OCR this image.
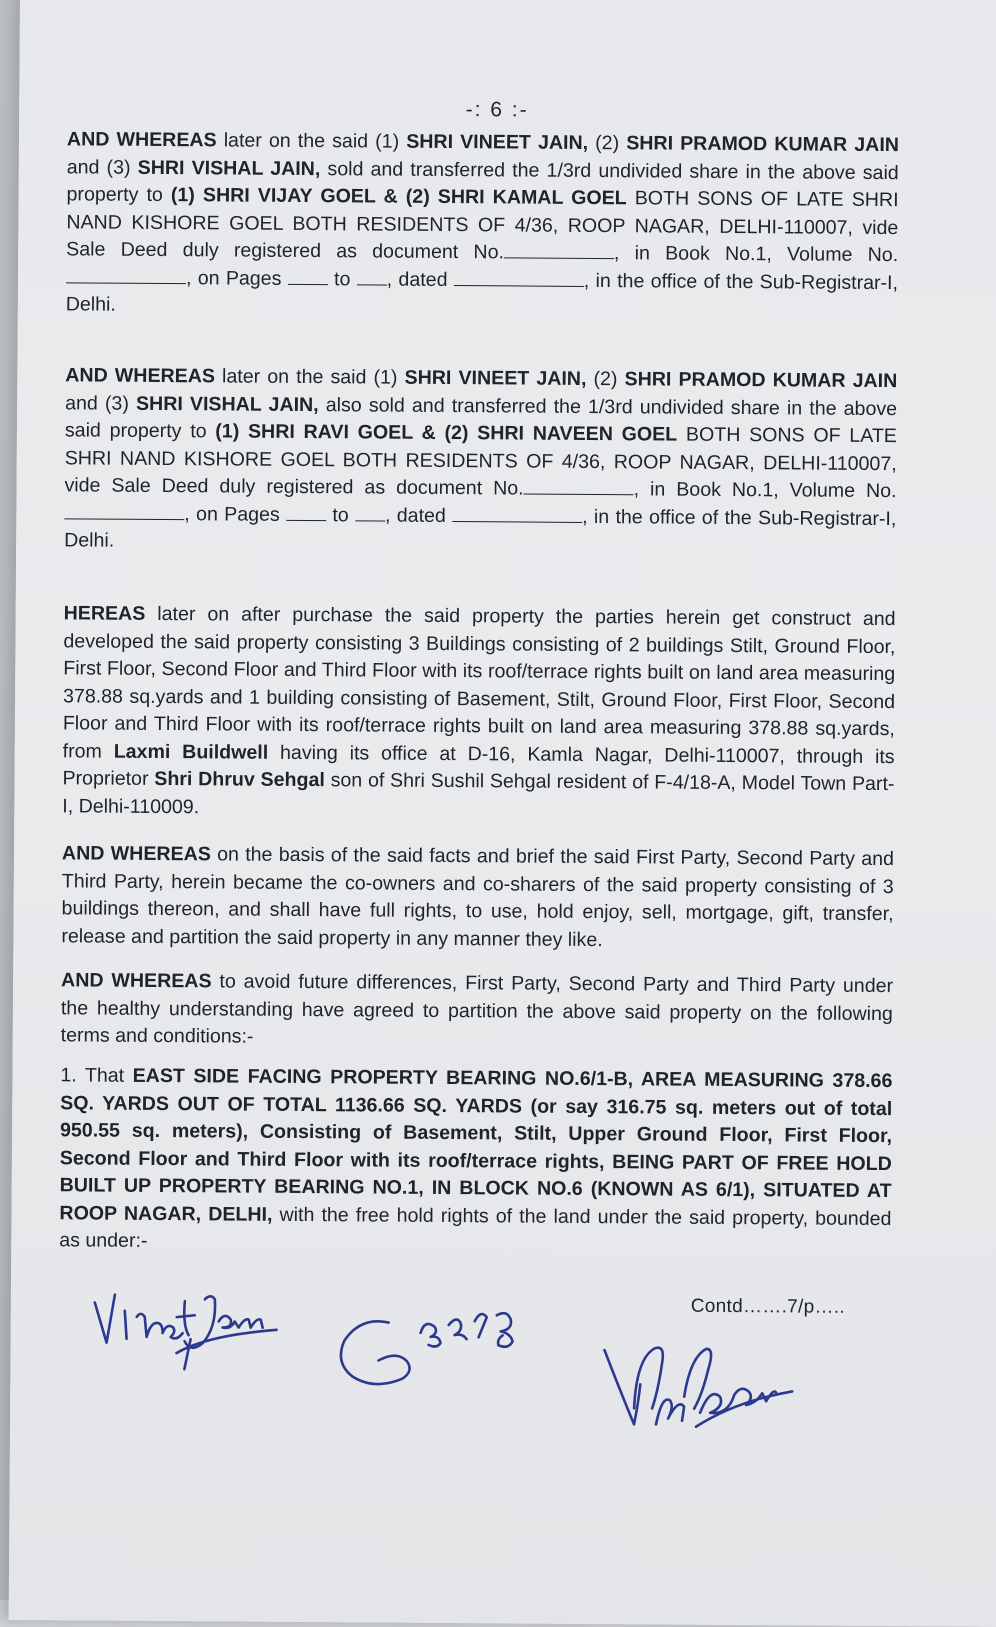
-: 6 :-

AND WHEREAS later on the said (1) SHRI VINEET JAIN, (2) SHRI PRAMOD KUMAR JAIN and (3) SHRI VISHAL JAIN, sold and transferred the 1/3rd undivided share in the above said property to (1) SHRI VIJAY GOEL & (2) SHRI KAMAL GOEL BOTH SONS OF LATE SHRI NAND KISHORE GOEL BOTH RESIDENTS OF 4/36, ROOP NAGAR, DELHI-110007, vide Sale Deed duly registered as document No.	, in Book No.1, Volume No., on Pages  to , dated	, in the office of the Sub-Registrar-I, Delhi.

AND WHEREAS later on the said (1) SHRI VINEET JAIN, (2) SHRI PRAMOD KUMAR JAIN and (3) SHRI VISHAL JAIN, also sold and transferred the 1/3rd undivided share in the above said property to (1) SHRI RAVI GOEL & (2) SHRI NAVEEN GOEL BOTH SONS OF LATE SHRI NAND KISHORE GOEL BOTH RESIDENTS OF 4/36, ROOP NAGAR, DELHI-110007, vide Sale Deed duly registered as document No.	, in Book No.1, Volume No., on Pages  to , dated	, in the office of the Sub-Registrar-I, Delhi.

HEREAS later on after purchase the said property the parties herein get construct and developed the said property consisting 3 Buildings consisting of 2 buildings Stilt, Ground Floor, First Floor, Second Floor and Third Floor with its roof/terrace rights built on land area measuring 378.88 sq.yards and 1 building consisting of Basement, Stilt, Ground Floor, First Floor, Second Floor and Third Floor with its roof/terrace rights built on land area measuring 378.88 sq.yards, from Laxmi Buildwell having its office at D-16, Kamla Nagar, Delhi-110007, through its Proprietor Shri Dhruv Sehgal son of Shri Sushil Sehgal resident of F-4/18-A, Model Town Part-I, Delhi-110009.

AND WHEREAS on the basis of the said facts and brief the said First Party, Second Party and Third Party, herein became the co-owners and co-sharers of the said property consisting of 3 buildings thereon, and shall have full rights, to use, hold enjoy, sell, mortgage, gift, transfer, release and partition the said property in any manner they like.

AND WHEREAS to avoid future differences, First Party, Second Party and Third Party under the healthy understanding have agreed to partition the above said property on the following terms and conditions:-

1. That EAST SIDE FACING PROPERTY BEARING NO.6/1-B, AREA MEASURING 378.66 SQ. YARDS OUT OF TOTAL 1136.66 SQ. YARDS (or say 316.75 sq. meters out of total 950.55 sq. meters), Consisting of Basement, Stilt, Upper Ground Floor, First Floor, Second Floor and Third Floor with its roof/terrace rights, BEING PART OF FREE HOLD BUILT UP PROPERTY BEARING NO.1, IN BLOCK NO.6 (KNOWN AS 6/1), SITUATED AT ROOP NAGAR, DELHI, with the free hold rights of the land under the said property, bounded as under:-

Contd…….7/p…..
